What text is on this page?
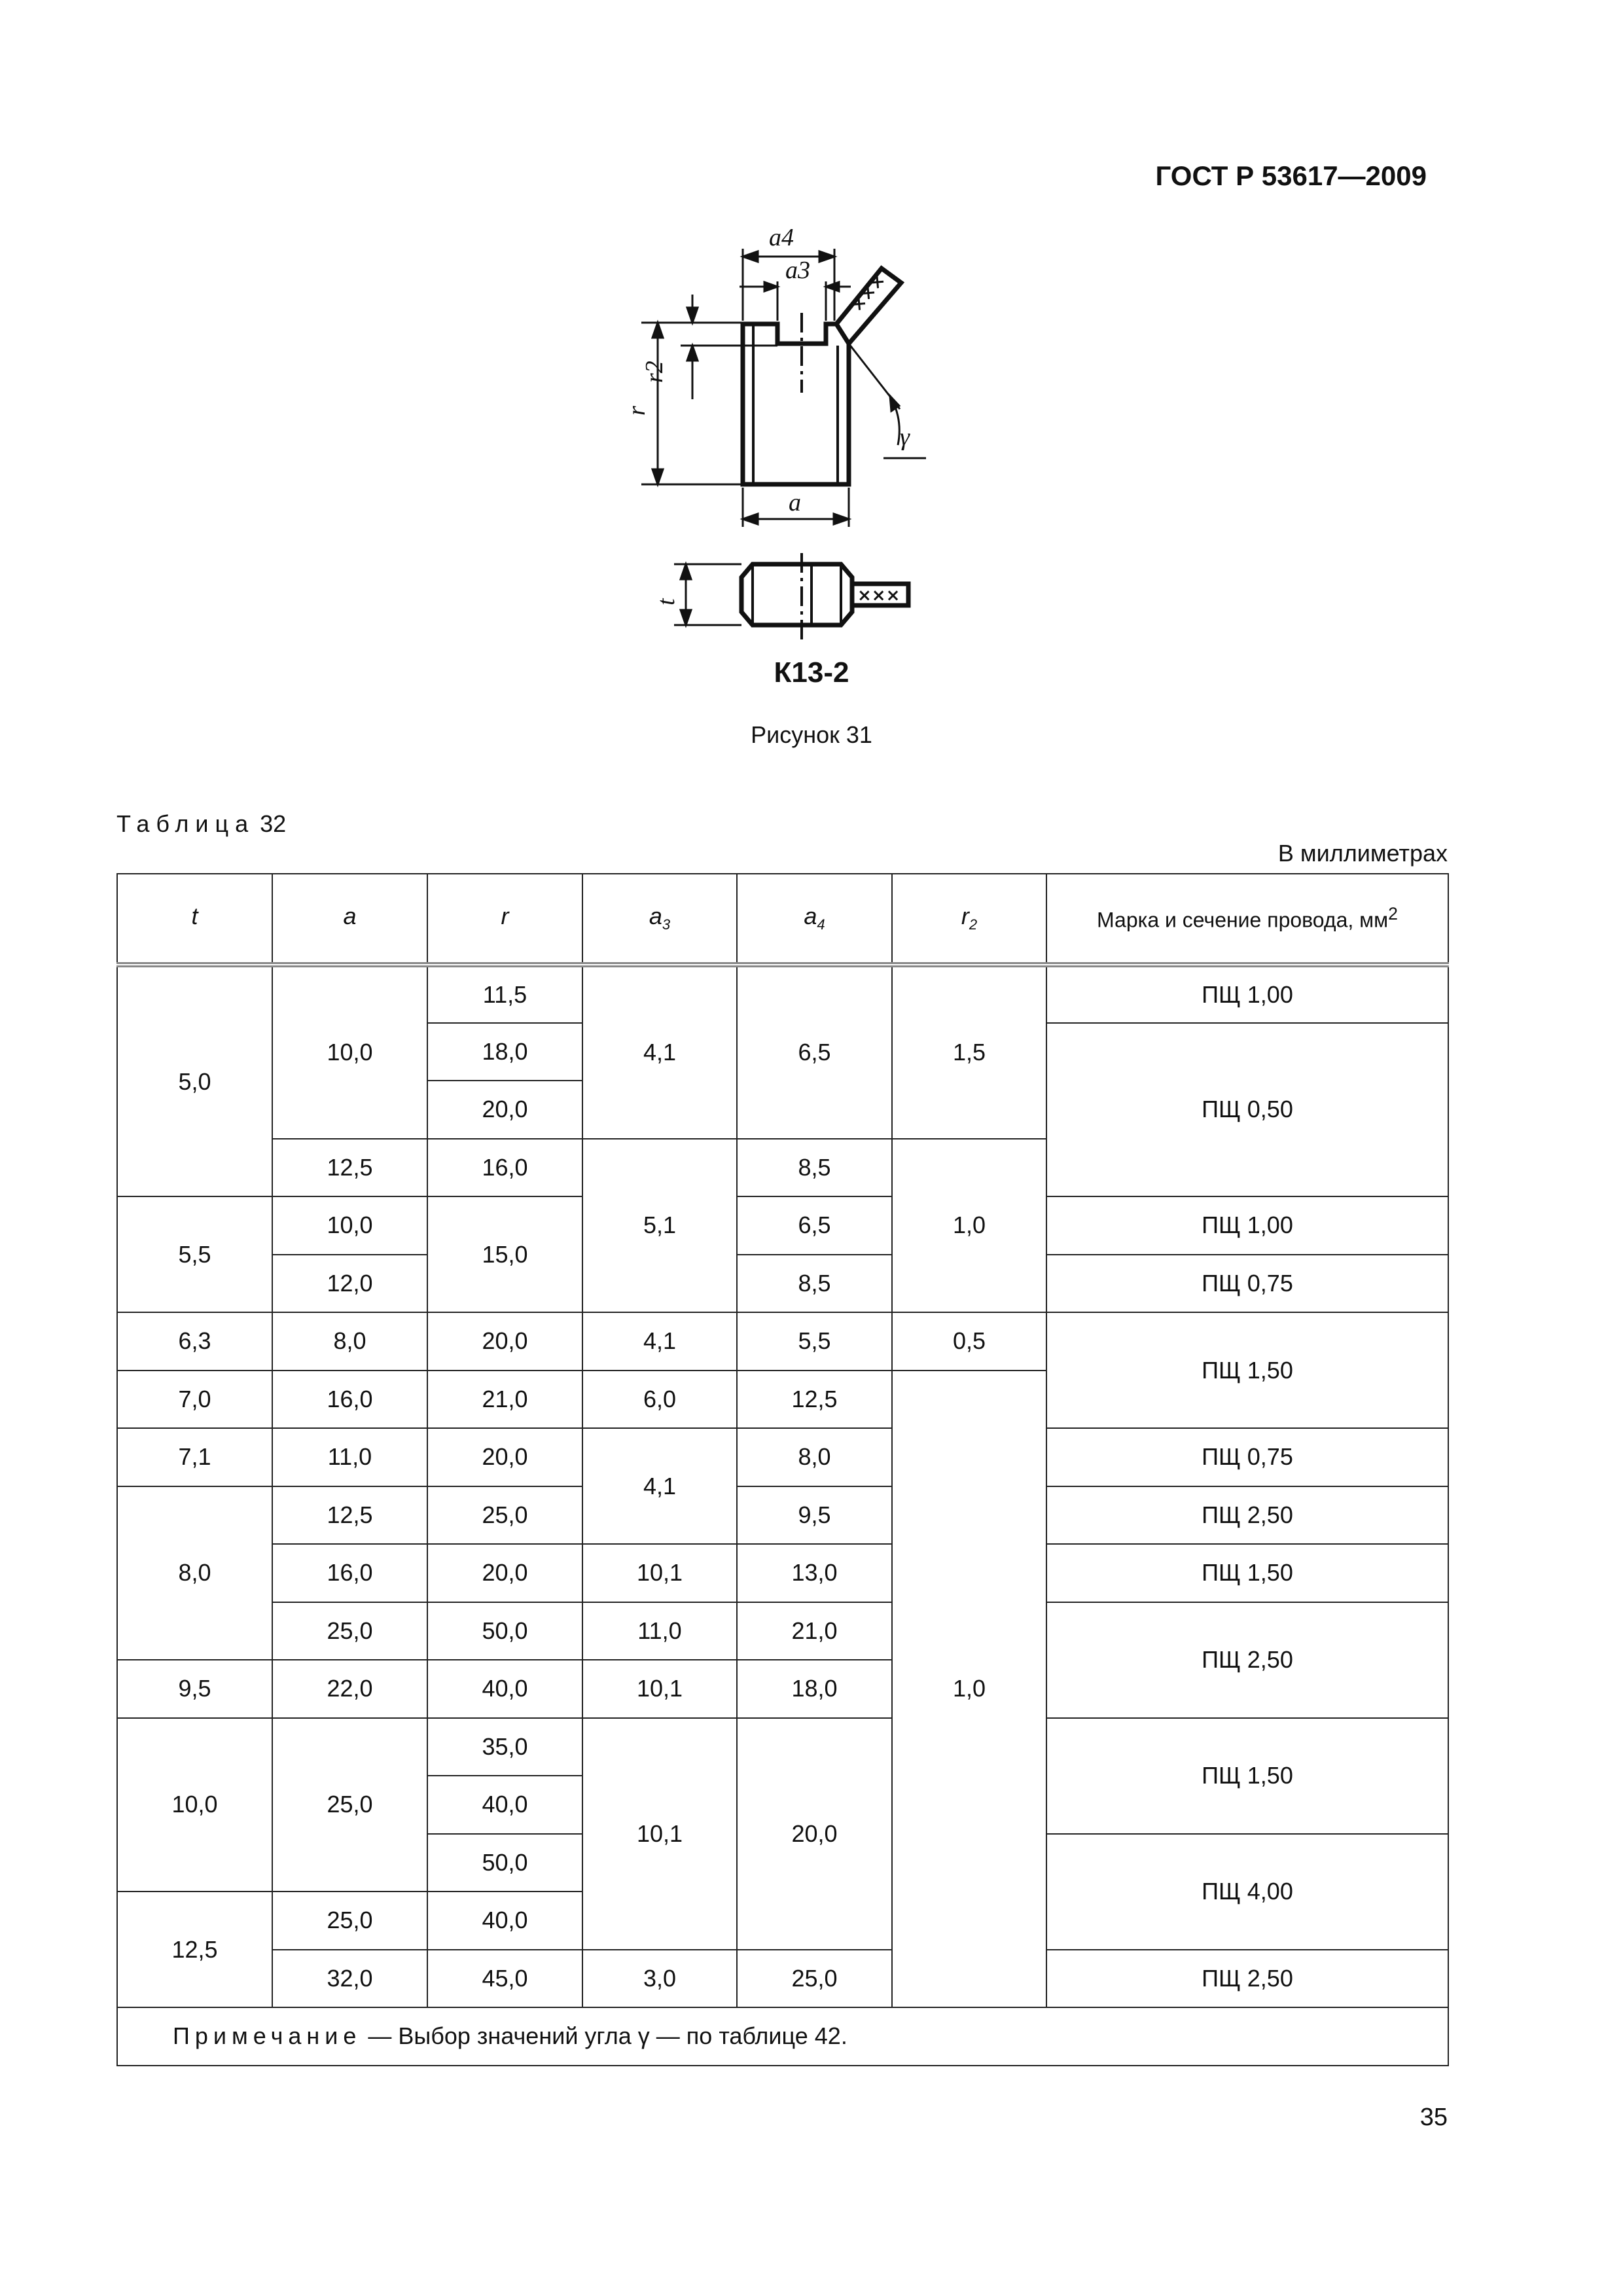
ГОСТ Р 53617—2009
a4
a3
r2
r
a
γ
t
×××
×××
К13-2
Рисунок 31
Таблица 32
В миллиметрах
t	a	r	$a_3$	$a_4$	$r_2$	Марка и сечение провода, $мм^2$
5,0	10,0	11,5	4,1	6,5	1,5	ПЩ 1,00
		18,0				ПЩ 0,50
		20,0				
	12,5	16,0	5,1	8,5	1,0	
5,5	10,0	15,0		6,5		ПЩ 1,00
	12,0			8,5		ПЩ 0,75
6,3	8,0	20,0	4,1	5,5	0,5	ПЩ 1,50
7,0	16,0	21,0	6,0	12,5	1,0	
7,1	11,0	20,0	4,1	8,0		ПЩ 0,75
8,0	12,5	25,0		9,5		ПЩ 2,50
	16,0	20,0	10,1	13,0		ПЩ 1,50
	25,0	50,0	11,0	21,0		ПЩ 2,50
9,5	22,0	40,0	10,1	18,0		
10,0	25,0	35,0	10,1	20,0		ПЩ 1,50
		40,0				
		50,0				ПЩ 4,00
12,5	25,0	40,0				
	32,0	45,0	3,0	25,0		ПЩ 2,50
Примечание — Выбор значений угла γ — по таблице 42.						
35
